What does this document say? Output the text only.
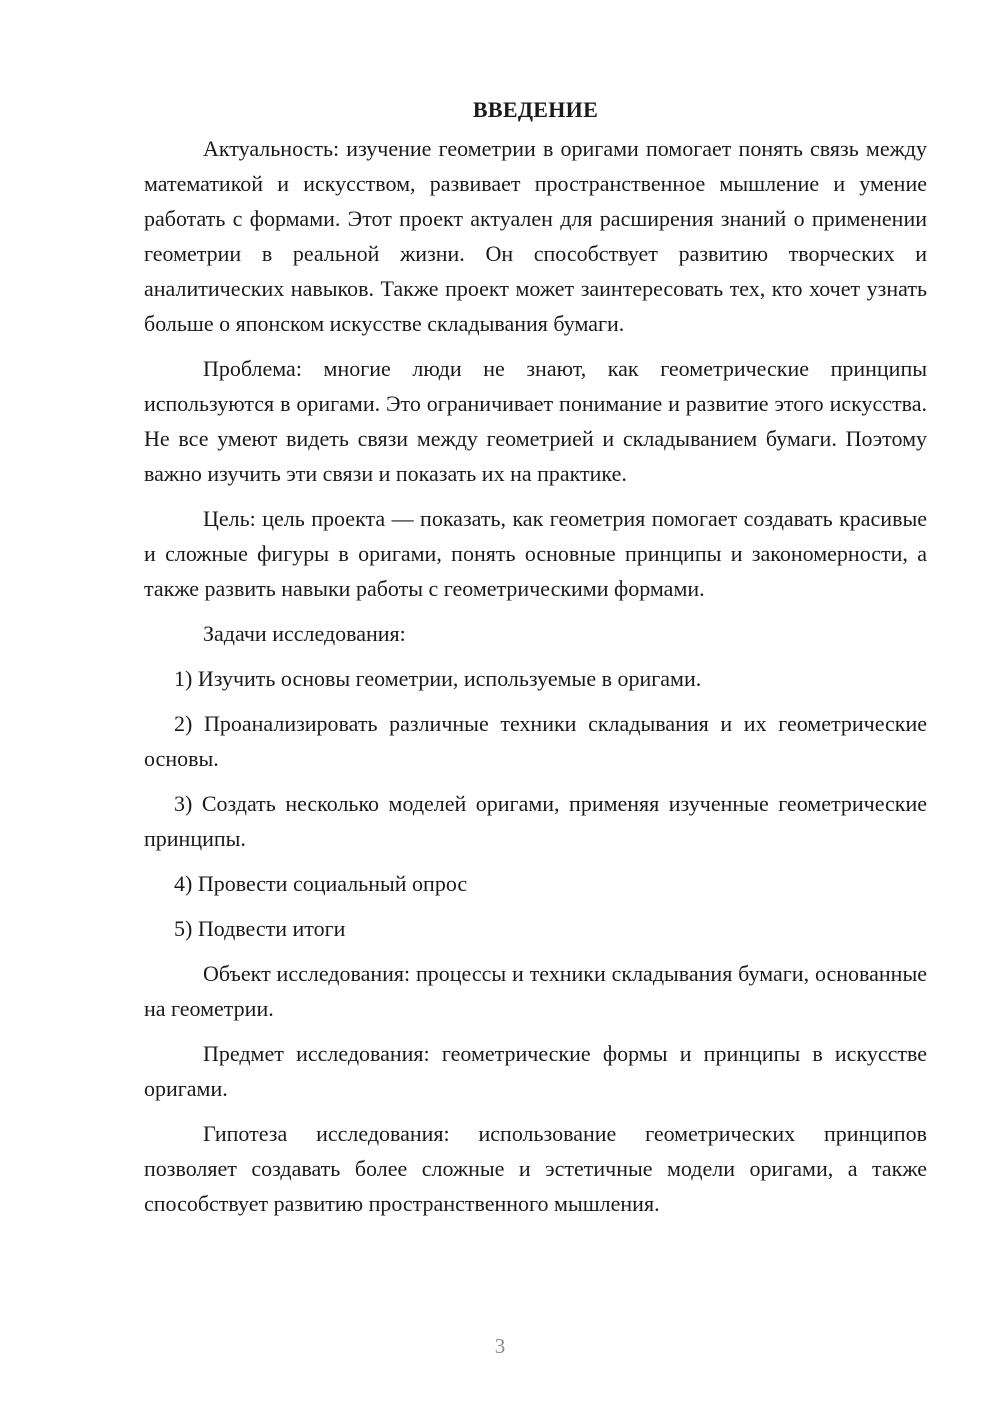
ВВЕДЕНИЕ

Актуальность: изучение геометрии в оригами помогает понять связь между математикой и искусством, развивает пространственное мышление и умение работать с формами. Этот проект актуален для расширения знаний о применении геометрии в реальной жизни. Он способствует развитию творческих и аналитических навыков. Также проект может заинтересовать тех, кто хочет узнать больше о японском искусстве складывания бумаги.

Проблема: многие люди не знают, как геометрические принципы используются в оригами. Это ограничивает понимание и развитие этого искусства. Не все умеют видеть связи между геометрией и складыванием бумаги. Поэтому важно изучить эти связи и показать их на практике.

Цель: цель проекта — показать, как геометрия помогает создавать красивые и сложные фигуры в оригами, понять основные принципы и закономерности, а также развить навыки работы с геометрическими формами.

Задачи исследования:

1) Изучить основы геометрии, используемые в оригами.

2) Проанализировать различные техники складывания и их геометрические основы.

3) Создать несколько моделей оригами, применяя изученные геометрические принципы.

4) Провести социальный опрос

5) Подвести итоги

Объект исследования: процессы и техники складывания бумаги, основанные на геометрии.

Предмет исследования: геометрические формы и принципы в искусстве оригами.

Гипотеза исследования: использование геометрических принципов позволяет создавать более сложные и эстетичные модели оригами, а также способствует развитию пространственного мышления.

3
